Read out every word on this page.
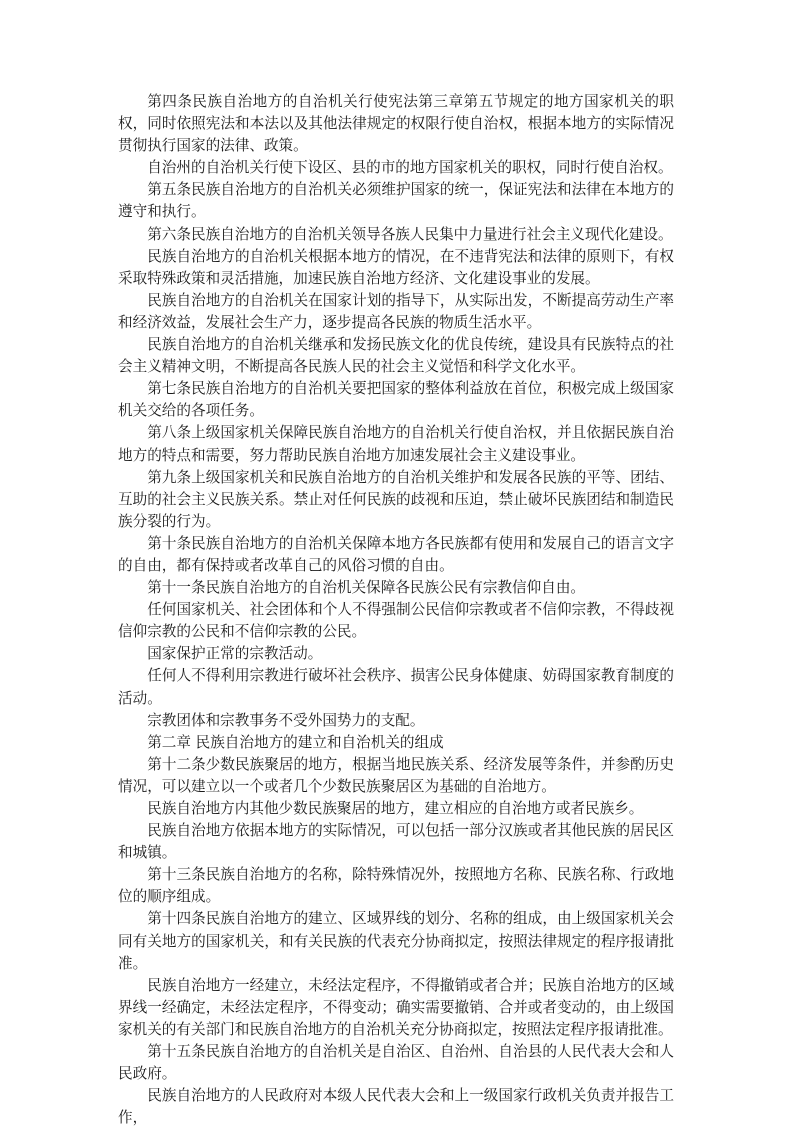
第四条民族自治地方的自治机关行使宪法第三章第五节规定的地方国家机关的职权，同时依照宪法和本法以及其他法律规定的权限行使自治权，根据本地方的实际情况贯彻执行国家的法律、政策。

自治州的自治机关行使下设区、县的市的地方国家机关的职权，同时行使自治权。

第五条民族自治地方的自治机关必须维护国家的统一，保证宪法和法律在本地方的遵守和执行。

第六条民族自治地方的自治机关领导各族人民集中力量进行社会主义现代化建设。

民族自治地方的自治机关根据本地方的情况，在不违背宪法和法律的原则下，有权采取特殊政策和灵活措施，加速民族自治地方经济、文化建设事业的发展。

民族自治地方的自治机关在国家计划的指导下，从实际出发，不断提高劳动生产率和经济效益，发展社会生产力，逐步提高各民族的物质生活水平。

民族自治地方的自治机关继承和发扬民族文化的优良传统，建设具有民族特点的社会主义精神文明，不断提高各民族人民的社会主义觉悟和科学文化水平。

第七条民族自治地方的自治机关要把国家的整体利益放在首位，积极完成上级国家机关交给的各项任务。

第八条上级国家机关保障民族自治地方的自治机关行使自治权，并且依据民族自治地方的特点和需要，努力帮助民族自治地方加速发展社会主义建设事业。

第九条上级国家机关和民族自治地方的自治机关维护和发展各民族的平等、团结、互助的社会主义民族关系。禁止对任何民族的歧视和压迫，禁止破坏民族团结和制造民族分裂的行为。

第十条民族自治地方的自治机关保障本地方各民族都有使用和发展自己的语言文字的自由，都有保持或者改革自己的风俗习惯的自由。

第十一条民族自治地方的自治机关保障各民族公民有宗教信仰自由。

任何国家机关、社会团体和个人不得强制公民信仰宗教或者不信仰宗教，不得歧视信仰宗教的公民和不信仰宗教的公民。

国家保护正常的宗教活动。

任何人不得利用宗教进行破坏社会秩序、损害公民身体健康、妨碍国家教育制度的活动。

宗教团体和宗教事务不受外国势力的支配。

第二章 民族自治地方的建立和自治机关的组成

第十二条少数民族聚居的地方，根据当地民族关系、经济发展等条件，并参酌历史情况，可以建立以一个或者几个少数民族聚居区为基础的自治地方。

民族自治地方内其他少数民族聚居的地方，建立相应的自治地方或者民族乡。

民族自治地方依据本地方的实际情况，可以包括一部分汉族或者其他民族的居民区和城镇。

第十三条民族自治地方的名称，除特殊情况外，按照地方名称、民族名称、行政地位的顺序组成。

第十四条民族自治地方的建立、区域界线的划分、名称的组成，由上级国家机关会同有关地方的国家机关，和有关民族的代表充分协商拟定，按照法律规定的程序报请批准。

民族自治地方一经建立，未经法定程序，不得撤销或者合并；民族自治地方的区域界线一经确定，未经法定程序，不得变动；确实需要撤销、合并或者变动的，由上级国家机关的有关部门和民族自治地方的自治机关充分协商拟定，按照法定程序报请批准。

第十五条民族自治地方的自治机关是自治区、自治州、自治县的人民代表大会和人民政府。

民族自治地方的人民政府对本级人民代表大会和上一级国家行政机关负责并报告工作，
